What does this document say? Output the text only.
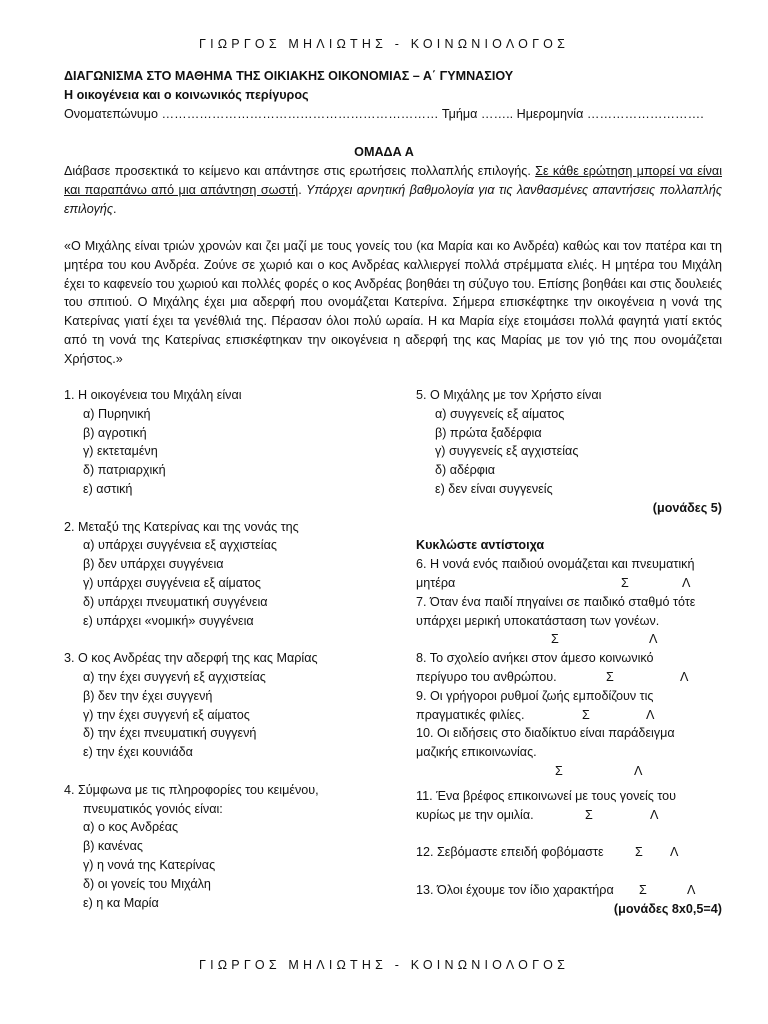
ΓΙΩΡΓΟΣ ΜΗΛΙΩΤΗΣ - ΚΟΙΝΩΝΙΟΛΟΓΟΣ
ΔΙΑΓΩΝΙΣΜΑ ΣΤΟ ΜΑΘΗΜΑ ΤΗΣ ΟΙΚΙΑΚΗΣ ΟΙΚΟΝΟΜΙΑΣ – Α΄ ΓΥΜΝΑΣΙΟΥ
Η οικογένεια και ο κοινωνικός περίγυρος
Ονοματεπώνυμο ………………………………………………………… Τμήμα …….. Ημερομηνία ……………………….
ΟΜΑΔΑ Α
Διάβασε προσεκτικά το κείμενο και απάντησε στις ερωτήσεις πολλαπλής επιλογής. Σε κάθε ερώτηση μπορεί να είναι και παραπάνω από μια απάντηση σωστή. Υπάρχει αρνητική βαθμολογία για τις λανθασμένες απαντήσεις πολλαπλής επιλογής.
«Ο Μιχάλης είναι τριών χρονών και ζει μαζί με τους γονείς του (κα Μαρία και κο Ανδρέα) καθώς και τον πατέρα και τη μητέρα του κου Ανδρέα. Ζούνε σε χωριό και ο κος Ανδρέας καλλιεργεί πολλά στρέμματα ελιές. Η μητέρα του Μιχάλη έχει το καφενείο του χωριού και πολλές φορές ο κος Ανδρέας βοηθάει τη σύζυγο του. Επίσης βοηθάει και στις δουλειές του σπιτιού. Ο Μιχάλης έχει μια αδερφή που ονομάζεται Κατερίνα. Σήμερα επισκέφτηκε την οικογένεια η νονά της Κατερίνας γιατί έχει τα γενέθλιά της. Πέρασαν όλοι πολύ ωραία. Η κα Μαρία είχε ετοιμάσει πολλά φαγητά γιατί εκτός από τη νονά της Κατερίνας επισκέφτηκαν την οικογένεια η αδερφή της κας Μαρίας με τον γιό της που ονομάζεται Χρήστος.»
1. Η οικογένεια του Μιχάλη είναι
α) Πυρηνική
β) αγροτική
γ) εκτεταμένη
δ) πατριαρχική
ε) αστική
2. Μεταξύ της Κατερίνας και της νονάς της
α) υπάρχει συγγένεια εξ αγχιστείας
β) δεν υπάρχει συγγένεια
γ) υπάρχει συγγένεια εξ αίματος
δ) υπάρχει πνευματική συγγένεια
ε) υπάρχει «νομική» συγγένεια
3. Ο κος Ανδρέας την αδερφή της κας Μαρίας
α) την έχει συγγενή εξ αγχιστείας
β) δεν την έχει συγγενή
γ) την έχει συγγενή εξ αίματος
δ) την έχει πνευματική συγγενή
ε) την έχει κουνιάδα
4. Σύμφωνα με τις πληροφορίες του κειμένου,
πνευματικός γονιός είναι:
α) ο κος Ανδρέας
β) κανένας
γ) η νονά της Κατερίνας
δ) οι γονείς του Μιχάλη
ε) η κα Μαρία
5. Ο Μιχάλης με τον Χρήστο είναι
α) συγγενείς εξ αίματος
β) πρώτα ξαδέρφια
γ) συγγενείς εξ αγχιστείας
δ) αδέρφια
ε) δεν είναι συγγενείς
(μονάδες 5)
Κυκλώστε αντίστοιχα
6. Η νονά ενός παιδιού ονομάζεται και πνευματική
μητέρα	Σ	Λ
7. Όταν ένα παιδί πηγαίνει σε παιδικό σταθμό τότε
υπάρχει μερική υποκατάσταση των γονέων.
Σ	Λ
8. Το σχολείο ανήκει στον άμεσο κοινωνικό
περίγυρο του ανθρώπου.	Σ	Λ
9. Οι γρήγοροι ρυθμοί ζωής εμποδίζουν τις
πραγματικές φιλίες.	Σ	Λ
10. Οι ειδήσεις στο διαδίκτυο είναι παράδειγμα
μαζικής επικοινωνίας.
Σ	Λ
11. Ένα βρέφος επικοινωνεί με τους γονείς του
κυρίως με την ομιλία.	Σ	Λ
12. Σεβόμαστε επειδή φοβόμαστε Σ Λ
13. Όλοι έχουμε τον ίδιο χαρακτήρα Σ	Λ
(μονάδες 8x0,5=4)
ΓΙΩΡΓΟΣ ΜΗΛΙΩΤΗΣ - ΚΟΙΝΩΝΙΟΛΟΓΟΣ
